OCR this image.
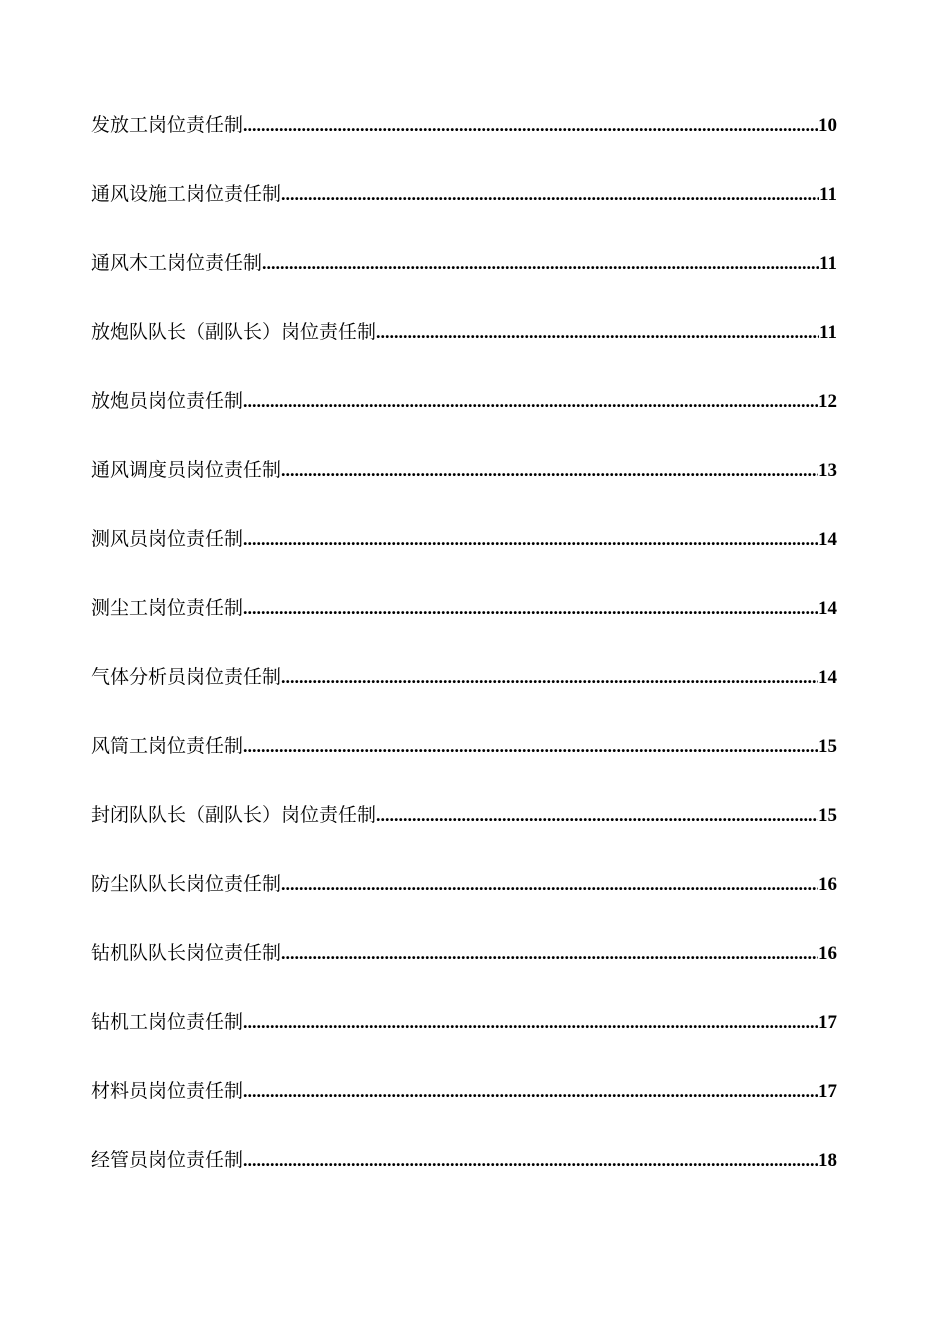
发放工岗位责任制 .....	10
通风设施工岗位责任制 .....	11
通风木工岗位责任制 .....	11
放炮队队长（副队长）岗位责任制 .....	11
放炮员岗位责任制 .....	12
通风调度员岗位责任制 .....	13
测风员岗位责任制 .....	14
测尘工岗位责任制 .....	14
气体分析员岗位责任制 .....	14
风筒工岗位责任制 .....	15
封闭队队长（副队长）岗位责任制 .....	15
防尘队队长岗位责任制 .....	16
钻机队队长岗位责任制 .....	16
钻机工岗位责任制 .....	17
材料员岗位责任制 .....	17
经管员岗位责任制 .....	18
